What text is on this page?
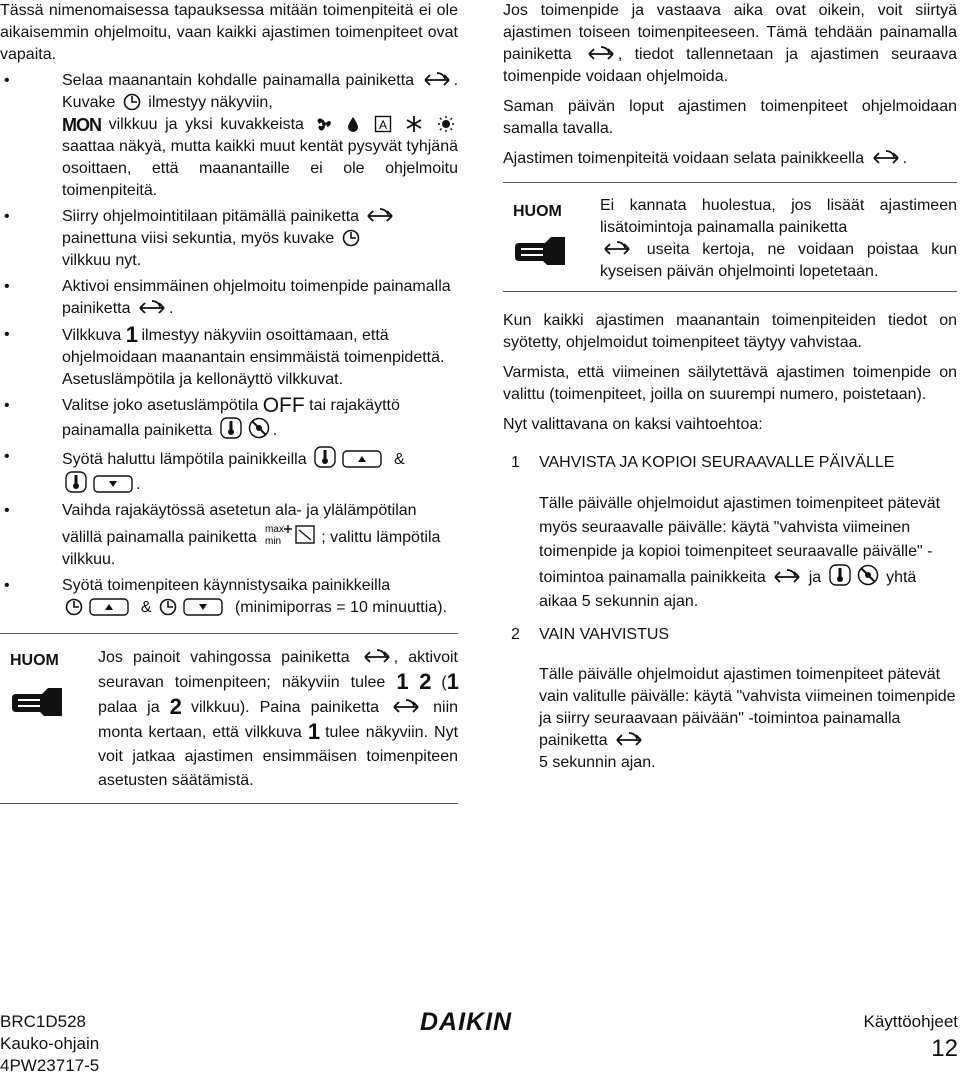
Tässä nimenomaisessa tapauksessa mitään toimenpiteitä ei ole aikaisemmin ohjelmoitu, vaan kaikki ajastimen toimenpiteet ovat vapaita.

• Selaa maanantain kohdalle painamalla painiketta . Kuvake ilmestyy näkyviin,
MON vilkkuu ja yksi kuvakkeista	A
saattaa näkyä, mutta kaikki muut kentät pysyvät tyhjänä osoittaen, että maanantaille ei ole ohjelmoitu toimenpiteitä.
• Siirry ohjelmointitilaan pitämällä painiketta
painettuna viisi sekuntia, myös kuvake
vilkkuu nyt.
• Aktivoi ensimmäinen ohjelmoitu toimenpide painamalla painiketta .
• Vilkkuva 1 ilmestyy näkyviin osoittamaan, että ohjelmoidaan maanantain ensimmäistä toimenpidettä. Asetuslämpötila ja kellonäyttö vilkkuvat.
• Valitse joko asetuslämpötila OFF tai rajakäyttö painamalla painiketta	.
• Syötä haluttu lämpötila painikkeilla	&
.
• Vaihda rajakäytössä asetetun ala- ja ylälämpötilan välillä painamalla painiketta max
min ; valittu lämpötila vilkkuu.
• Syötä toimenpiteen käynnistysaika painikkeilla
&	(minimiporras = 10 minuuttia).
HUOM Jos painoit vahingossa painiketta	, aktivoit seuravan toimenpiteen; näkyviin tulee 1 2 (1 palaa ja 2 vilkkuu). Paina painiketta	niin monta kertaan, että vilkkuva 1 tulee näkyviin. Nyt voit jatkaa ajastimen ensimmäisen toimenpiteen asetusten säätämistä.

Jos toimenpide ja vastaava aika ovat oikein, voit siirtyä ajastimen toiseen toimenpiteeseen. Tämä tehdään painamalla painiketta	, tiedot tallennetaan ja ajastimen seuraava toimenpide voidaan ohjelmoida.

Saman päivän loput ajastimen toimenpiteet ohjelmoidaan samalla tavalla.

Ajastimen toimenpiteitä voidaan selata painikkeella .

HUOM Ei kannata huolestua, jos lisäät ajastimeen lisätoimintoja painamalla painiketta
useita kertoja, ne voidaan poistaa kun kyseisen päivän ohjelmointi lopetetaan.

Kun kaikki ajastimen maanantain toimenpiteiden tiedot on syötetty, ohjelmoidut toimenpiteet täytyy vahvistaa.

Varmista, että viimeinen säilytettävä ajastimen toimenpide on valittu (toimenpiteet, joilla on suurempi numero, poistetaan).

Nyt valittavana on kaksi vaihtoehtoa:

1 VAHVISTA JA KOPIOI SEURAAVALLE PÄIVÄLLE
Tälle päivälle ohjelmoidut ajastimen toimenpiteet pätevät myös seuraavalle päivälle: käytä "vahvista viimeinen toimenpide ja kopioi toimenpiteet seuraavalle päivälle" -toimintoa painamalla painikkeita	ja	yhtä aikaa 5 sekunnin ajan.
2 VAIN VAHVISTUS
Tälle päivälle ohjelmoidut ajastimen toimenpiteet pätevät vain valitulle päivälle: käytä "vahvista viimeinen toimenpide ja siirry seuraavaan päivään" -toimintoa painamalla painiketta
5 sekunnin ajan.
BRC1D528
Kauko-ohjain
4PW23717-5
DAIKIN	Käyttöohjeet
12
